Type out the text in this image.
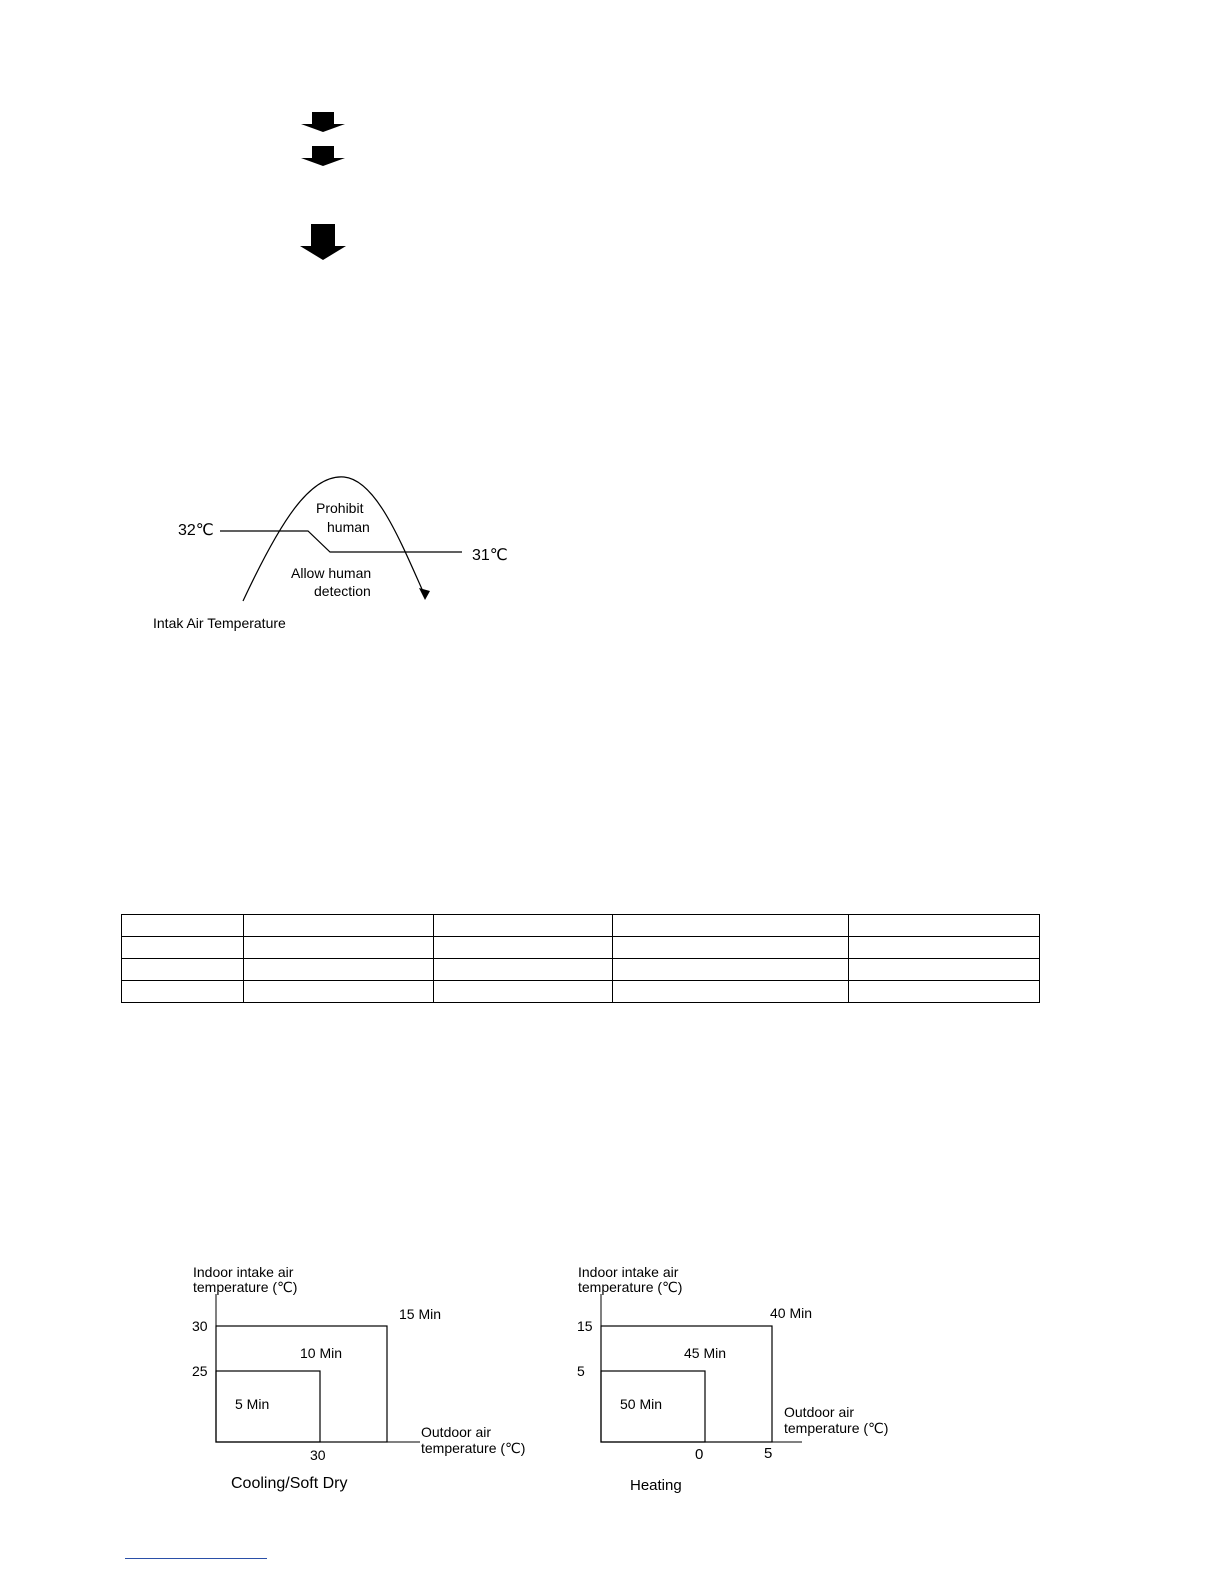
32℃
31℃
Prohibit
human
Allow human
detection
Intak Air Temperature

Indoor intake air
temperature (℃)
30
25
30
15 Min
10 Min
5 Min
Outdoor air
temperature (℃)
Cooling/Soft Dry
Indoor intake air
temperature (℃)
15
5
0	5
40 Min
45 Min
50 Min	Outdoor air
temperature (℃)
Heating
